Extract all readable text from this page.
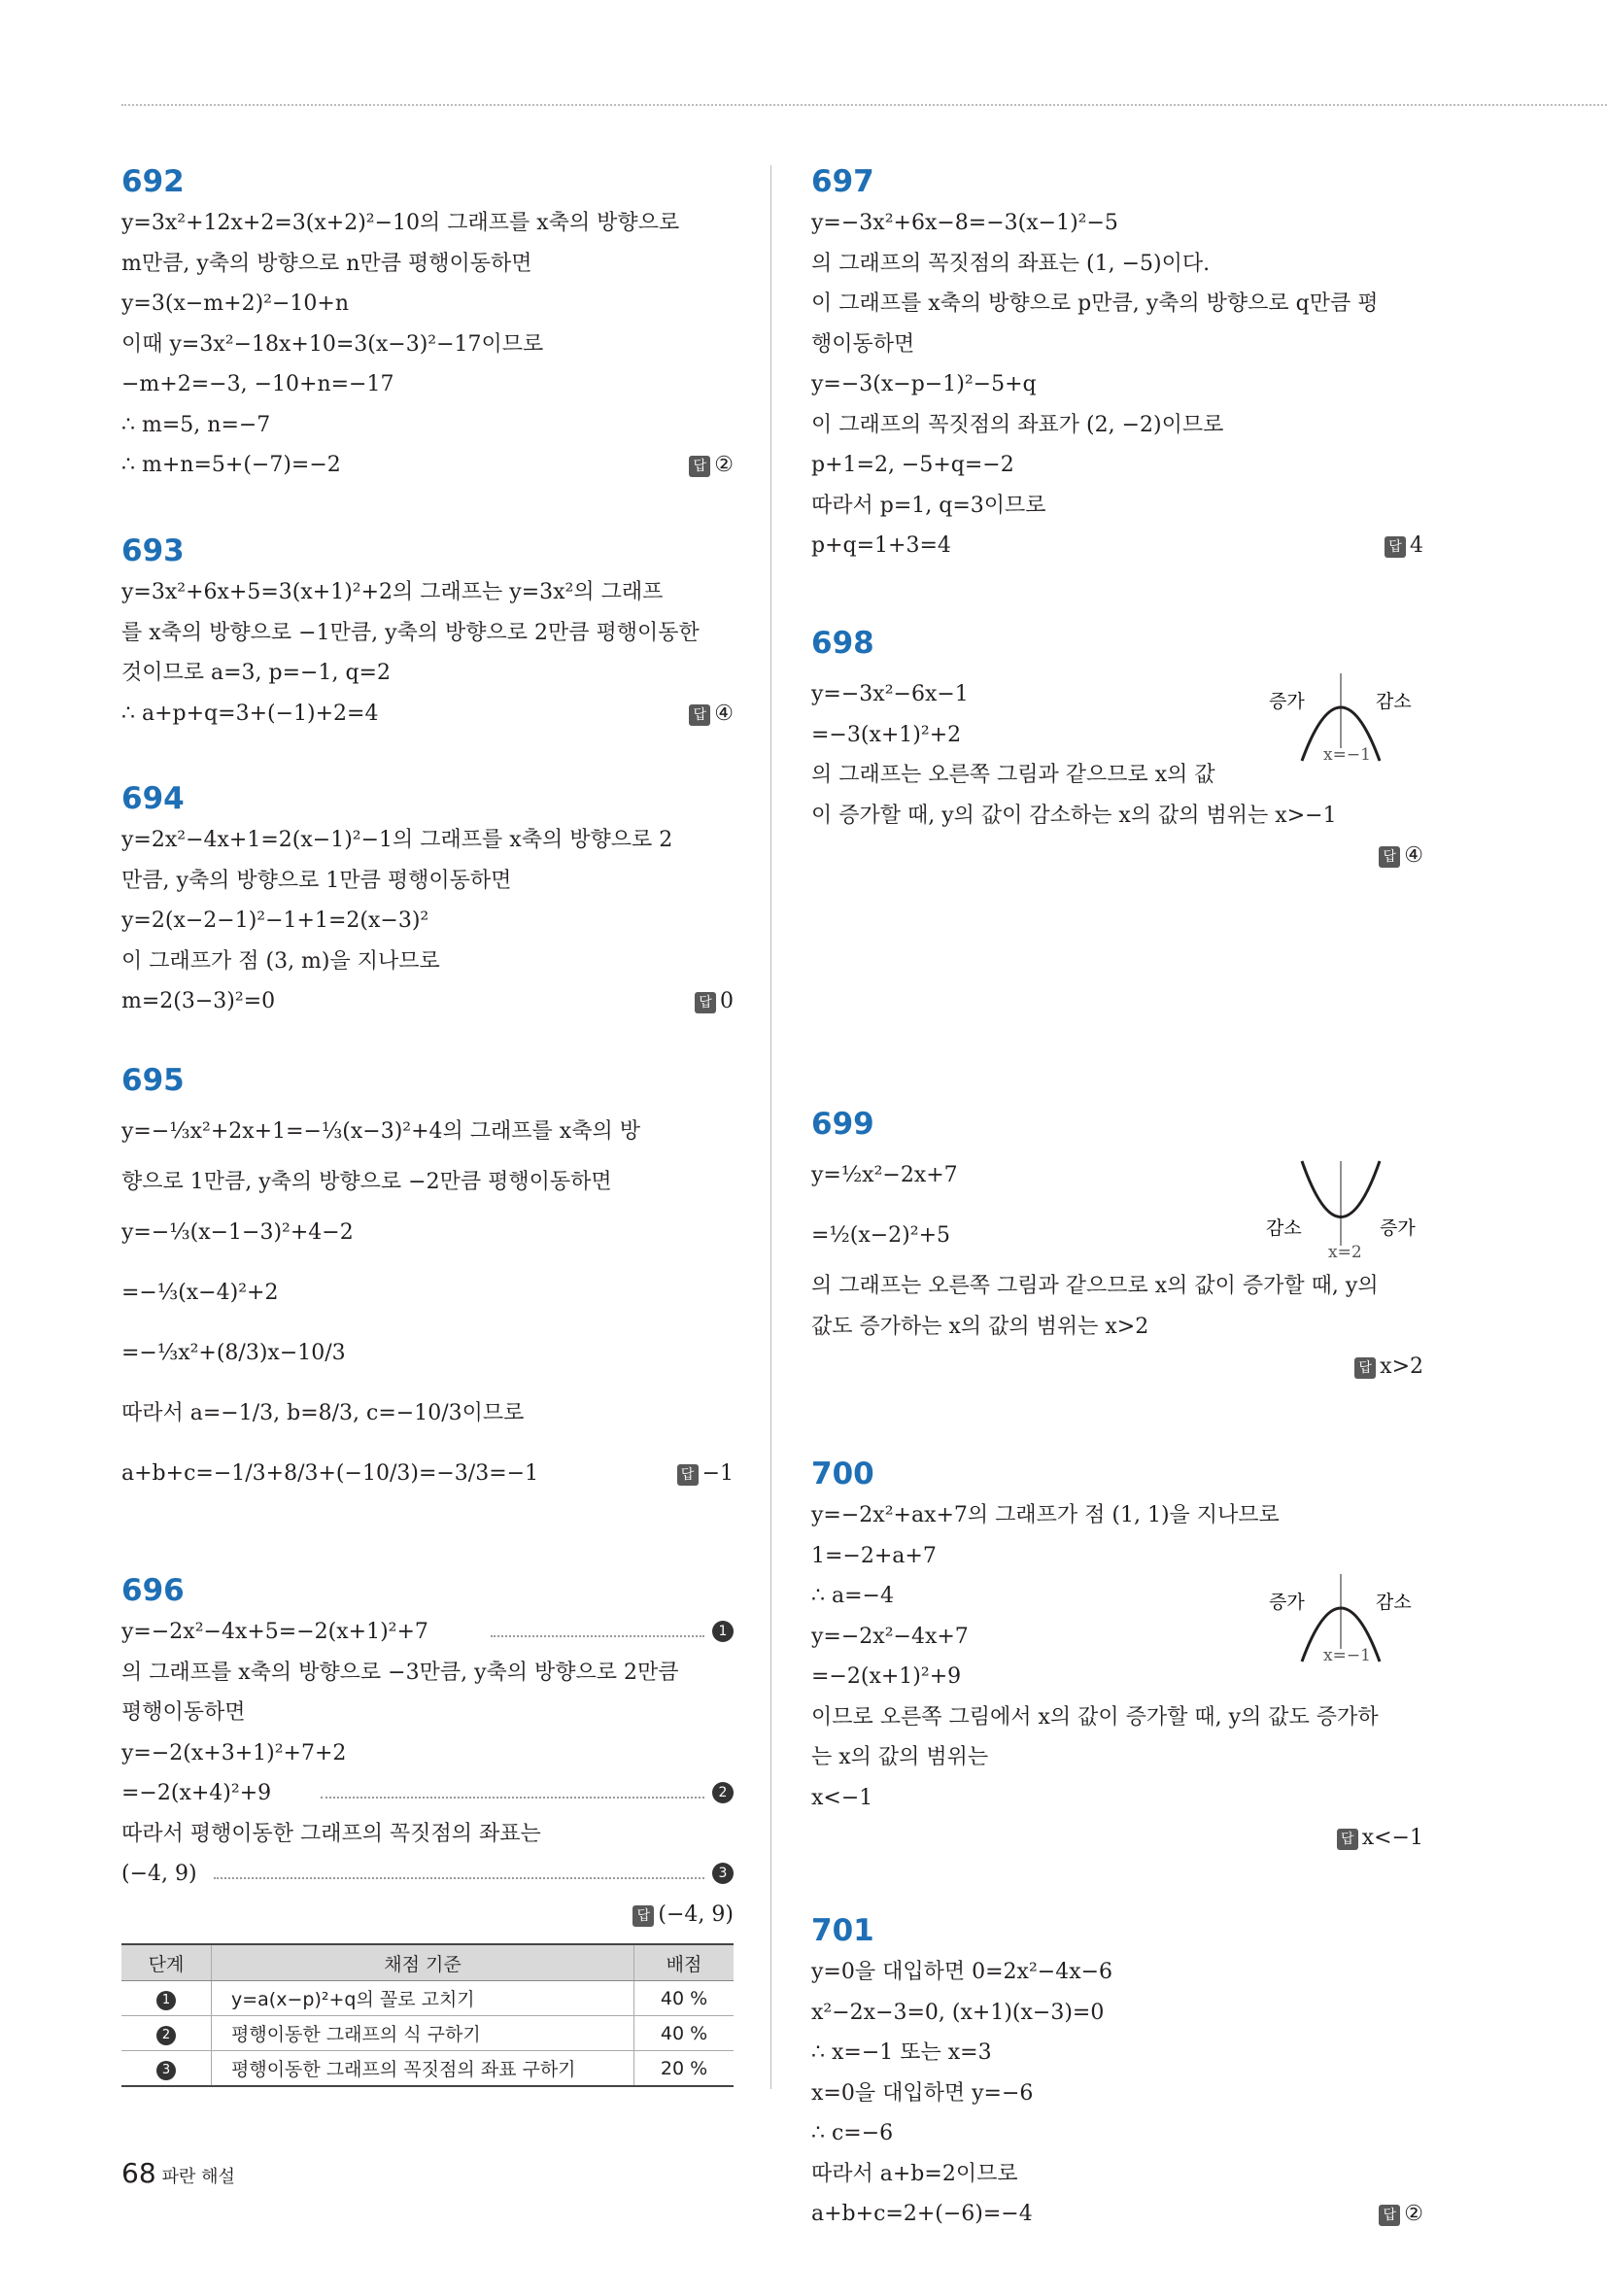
692
y=3x²+12x+2=3(x+2)²−10의 그래프를 x축의 방향으로
m만큼, y축의 방향으로 n만큼 평행이동하면
y=3(x−m+2)²−10+n
이때 y=3x²−18x+10=3(x−3)²−17이므로
−m+2=−3, −10+n=−17
∴ m=5, n=−7
∴ m+n=5+(−7)=−2	답 ②
693
y=3x²+6x+5=3(x+1)²+2의 그래프는 y=3x²의 그래프
를 x축의 방향으로 −1만큼, y축의 방향으로 2만큼 평행이동한
것이므로 a=3, p=−1, q=2
∴ a+p+q=3+(−1)+2=4	답 ④
694
y=2x²−4x+1=2(x−1)²−1의 그래프를 x축의 방향으로 2
만큼, y축의 방향으로 1만큼 평행이동하면
y=2(x−2−1)²−1+1=2(x−3)²
이 그래프가 점 (3, m)을 지나므로
m=2(3−3)²=0	답 0
695
y=−⅓x²+2x+1=−⅓(x−3)²+4의 그래프를 x축의 방
향으로 1만큼, y축의 방향으로 −2만큼 평행이동하면
y=−⅓(x−1−3)²+4−2
=−⅓(x−4)²+2
=−⅓x²+(8/3)x−10/3
따라서 a=−1/3, b=8/3, c=−10/3이므로
a+b+c=−1/3+8/3+(−10/3)=−3/3=−1	답 −1
696
y=−2x²−4x+5=−2(x+1)²+7	1
의 그래프를 x축의 방향으로 −3만큼, y축의 방향으로 2만큼
평행이동하면
y=−2(x+3+1)²+7+2
=−2(x+4)²+9	2
따라서 평행이동한 그래프의 꼭짓점의 좌표는
(−4, 9)	3
답 (−4, 9)
단계	채점 기준	배점
1	y=a(x−p)²+q의 꼴로 고치기	40 %
2	평행이동한 그래프의 식 구하기	40 %
3	평행이동한 그래프의 꼭짓점의 좌표 구하기	20 %
697
y=−3x²+6x−8=−3(x−1)²−5
의 그래프의 꼭짓점의 좌표는 (1, −5)이다.
이 그래프를 x축의 방향으로 p만큼, y축의 방향으로 q만큼 평
행이동하면
y=−3(x−p−1)²−5+q
이 그래프의 꼭짓점의 좌표가 (2, −2)이므로
p+1=2, −5+q=−2
따라서 p=1, q=3이므로
p+q=1+3=4	답 4
698
y=−3x²−6x−1
=−3(x+1)²+2
의 그래프는 오른쪽 그림과 같으므로 x의 값
이 증가할 때, y의 값이 감소하는 x의 값의 범위는 x>−1
답 ④
증가	감소
x=−1
699
y=½x²−2x+7
=½(x−2)²+5
의 그래프는 오른쪽 그림과 같으므로 x의 값이 증가할 때, y의
값도 증가하는 x의 값의 범위는 x>2
답 x>2
감소	증가
x=2
700
y=−2x²+ax+7의 그래프가 점 (1, 1)을 지나므로
1=−2+a+7
∴ a=−4
y=−2x²−4x+7
=−2(x+1)²+9
이므로 오른쪽 그림에서 x의 값이 증가할 때, y의 값도 증가하
는 x의 값의 범위는
x<−1
답 x<−1
증가	감소
x=−1
701
y=0을 대입하면 0=2x²−4x−6
x²−2x−3=0, (x+1)(x−3)=0
∴ x=−1 또는 x=3
x=0을 대입하면 y=−6
∴ c=−6
따라서 a+b=2이므로
a+b+c=2+(−6)=−4	답 ②
68 파란 해설
